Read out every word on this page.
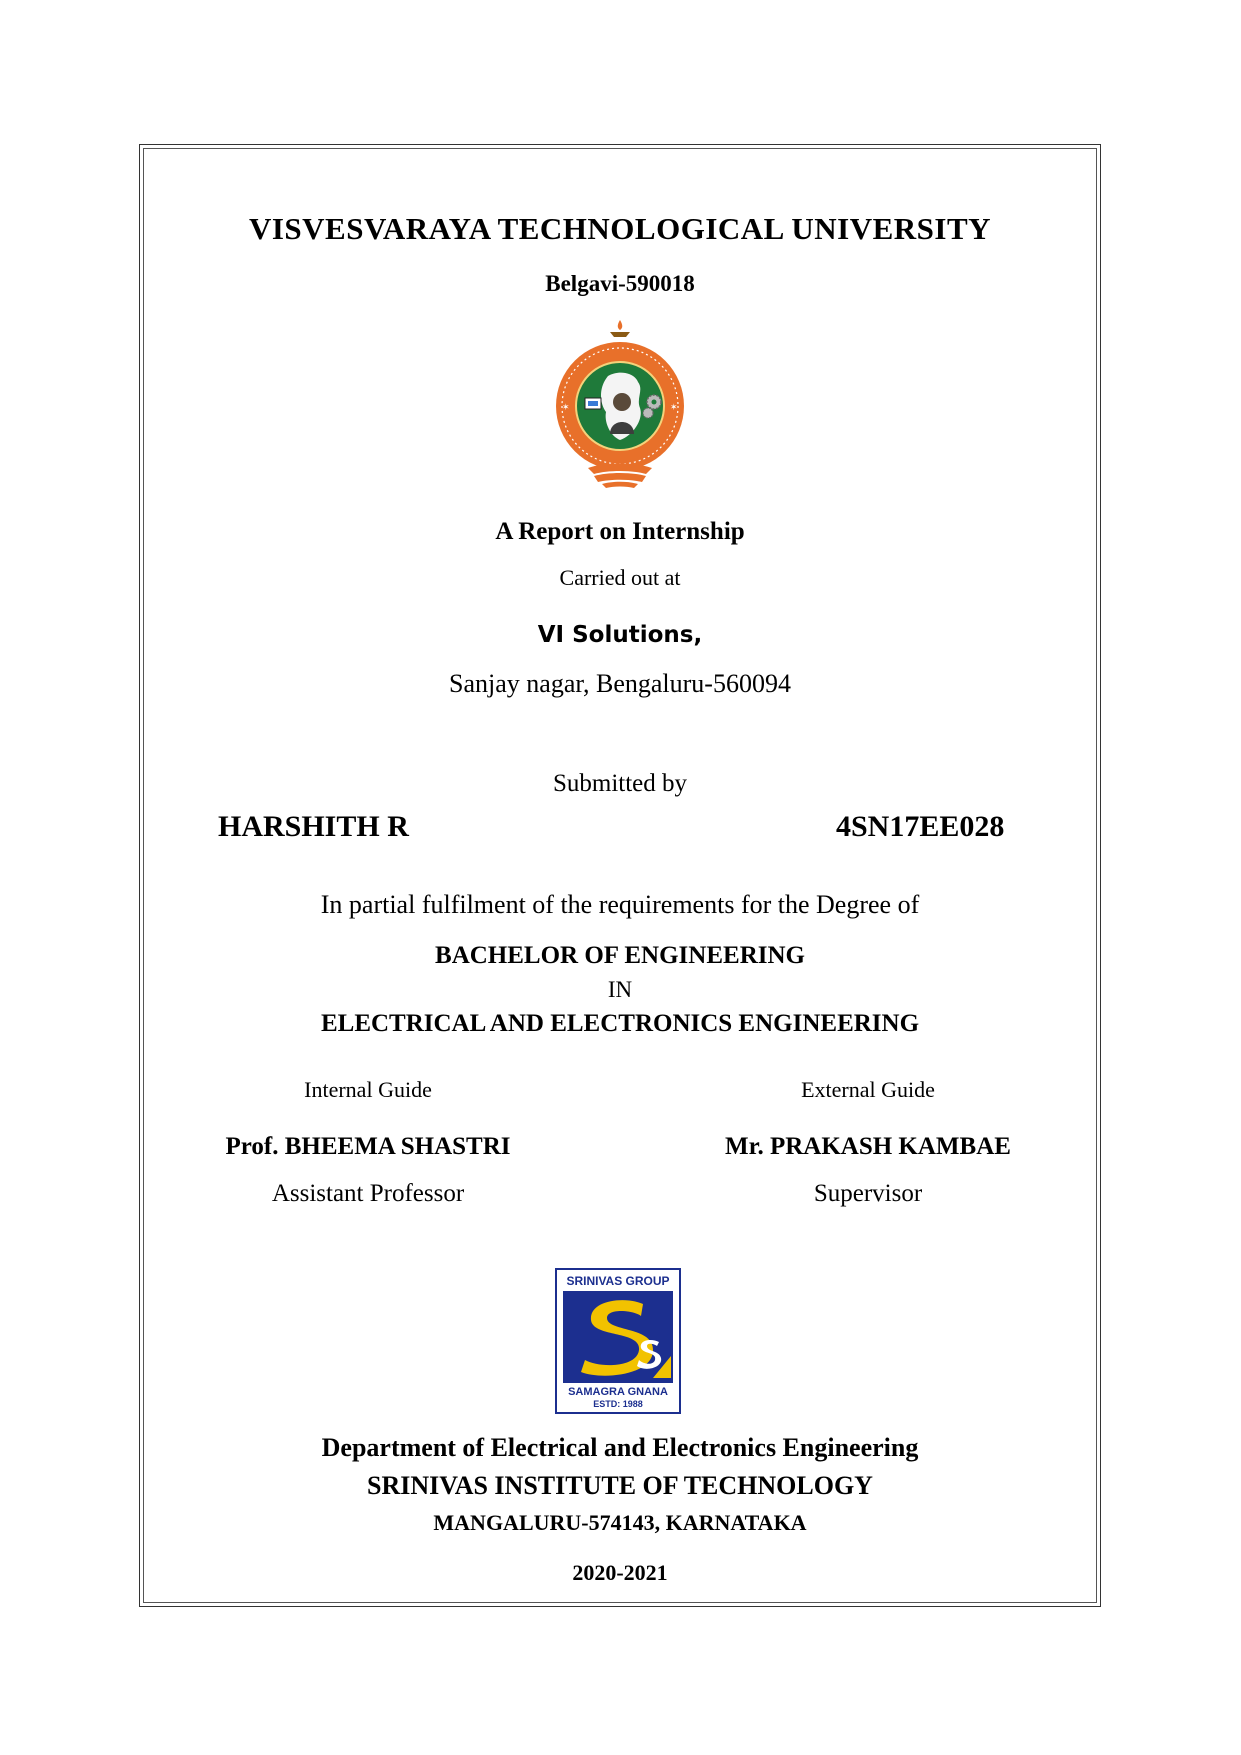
VISVESVARAYA TECHNOLOGICAL UNIVERSITY
Belgavi-590018
✶	✶
A Report on Internship
Carried out at
VI Solutions,
Sanjay nagar, Bengaluru-560094
Submitted by
HARSHITH R	4SN17EE028
In partial fulfilment of the requirements for the Degree of
BACHELOR OF ENGINEERING
IN
ELECTRICAL AND ELECTRONICS ENGINEERING
Internal Guide
Prof. BHEEMA SHASTRI
Assistant Professor
External Guide
Mr. PRAKASH KAMBAE
Supervisor
SRINIVAS GROUP
SAMAGRA GNANA
ESTD: 1988
Department of Electrical and Electronics Engineering
SRINIVAS INSTITUTE OF TECHNOLOGY
MANGALURU-574143, KARNATAKA
2020-2021
